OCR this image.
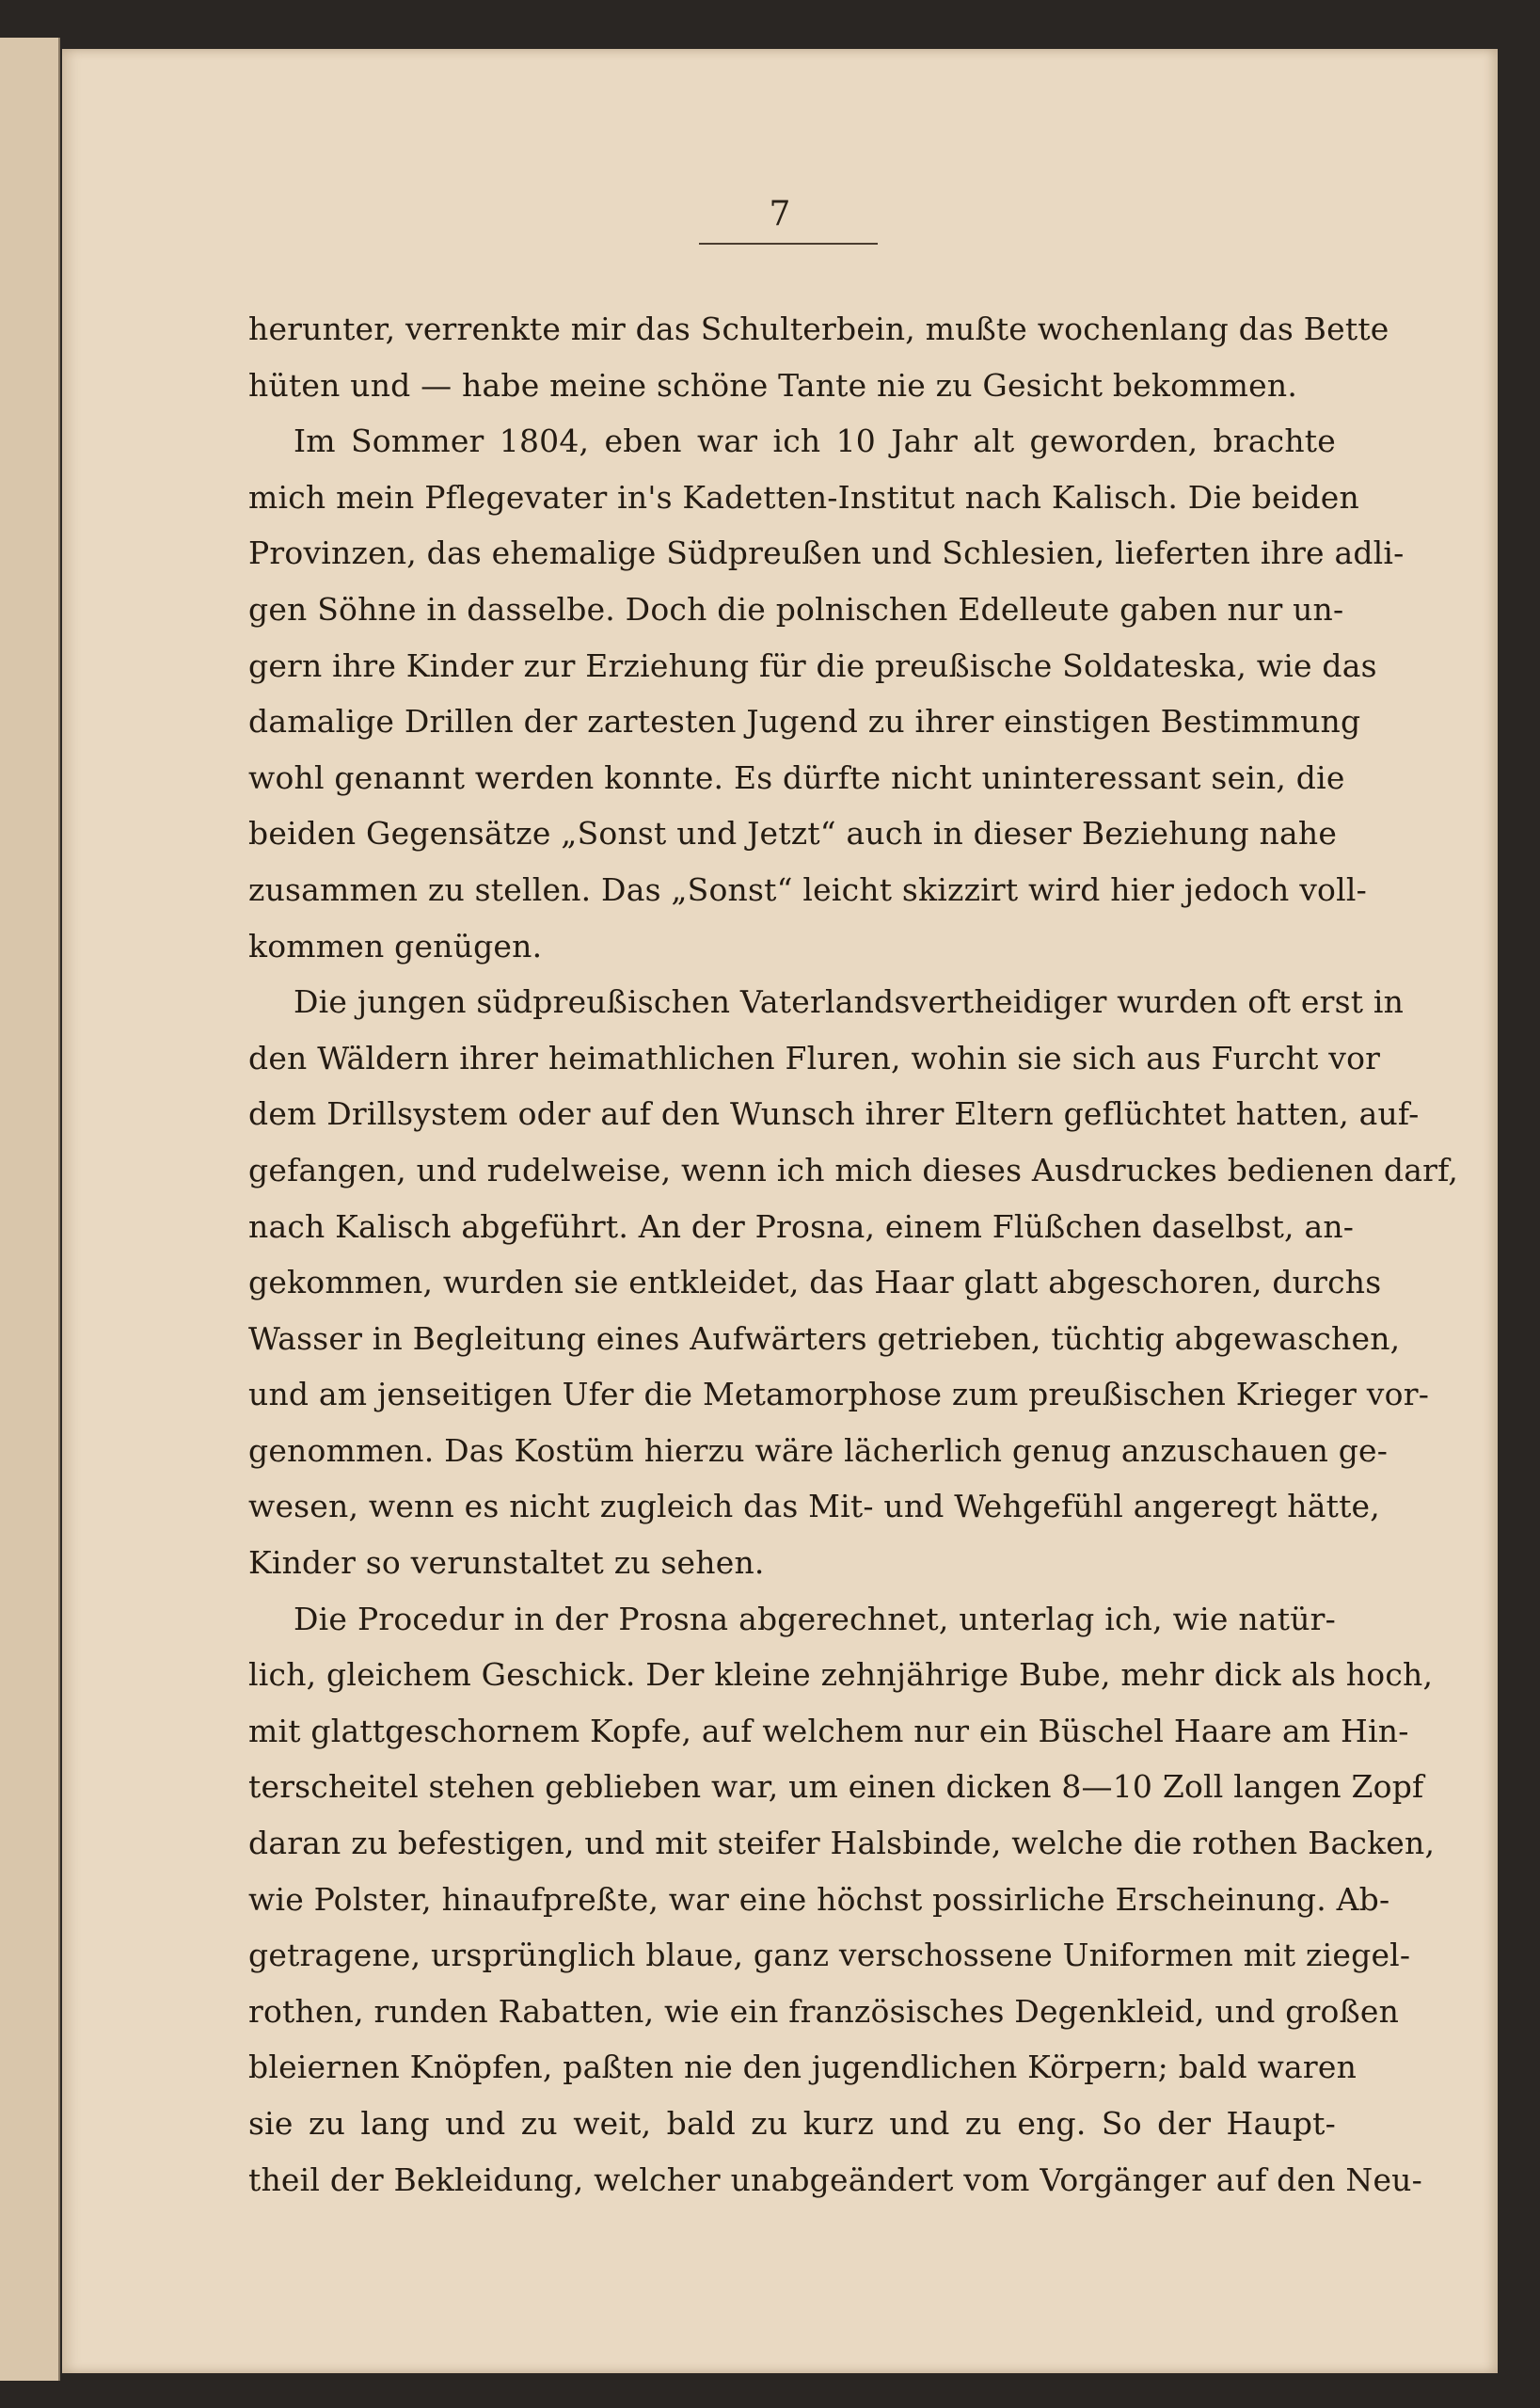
7
herunter, verrenkte mir das Schulterbein, mußte wochenlang das Bette
hüten und — habe meine schöne Tante nie zu Gesicht bekommen.
Im Sommer 1804, eben war ich 10 Jahr alt geworden, brachte
mich mein Pflegevater in's Kadetten-Institut nach Kalisch. Die beiden
Provinzen, das ehemalige Südpreußen und Schlesien, lieferten ihre adli-
gen Söhne in dasselbe. Doch die polnischen Edelleute gaben nur un-
gern ihre Kinder zur Erziehung für die preußische Soldateska, wie das
damalige Drillen der zartesten Jugend zu ihrer einstigen Bestimmung
wohl genannt werden konnte. Es dürfte nicht uninteressant sein, die
beiden Gegensätze „Sonst und Jetzt“ auch in dieser Beziehung nahe
zusammen zu stellen. Das „Sonst“ leicht skizzirt wird hier jedoch voll-
kommen genügen.
Die jungen südpreußischen Vaterlandsvertheidiger wurden oft erst in
den Wäldern ihrer heimathlichen Fluren, wohin sie sich aus Furcht vor
dem Drillsystem oder auf den Wunsch ihrer Eltern geflüchtet hatten, auf-
gefangen, und rudelweise, wenn ich mich dieses Ausdruckes bedienen darf,
nach Kalisch abgeführt. An der Prosna, einem Flüßchen daselbst, an-
gekommen, wurden sie entkleidet, das Haar glatt abgeschoren, durchs
Wasser in Begleitung eines Aufwärters getrieben, tüchtig abgewaschen,
und am jenseitigen Ufer die Metamorphose zum preußischen Krieger vor-
genommen. Das Kostüm hierzu wäre lächerlich genug anzuschauen ge-
wesen, wenn es nicht zugleich das Mit- und Wehgefühl angeregt hätte,
Kinder so verunstaltet zu sehen.
Die Procedur in der Prosna abgerechnet, unterlag ich, wie natür-
lich, gleichem Geschick. Der kleine zehnjährige Bube, mehr dick als hoch,
mit glattgeschornem Kopfe, auf welchem nur ein Büschel Haare am Hin-
terscheitel stehen geblieben war, um einen dicken 8—10 Zoll langen Zopf
daran zu befestigen, und mit steifer Halsbinde, welche die rothen Backen,
wie Polster, hinaufpreßte, war eine höchst possirliche Erscheinung. Ab-
getragene, ursprünglich blaue, ganz verschossene Uniformen mit ziegel-
rothen, runden Rabatten, wie ein französisches Degenkleid, und großen
bleiernen Knöpfen, paßten nie den jugendlichen Körpern; bald waren
sie zu lang und zu weit, bald zu kurz und zu eng. So der Haupt-
theil der Bekleidung, welcher unabgeändert vom Vorgänger auf den Neu-
